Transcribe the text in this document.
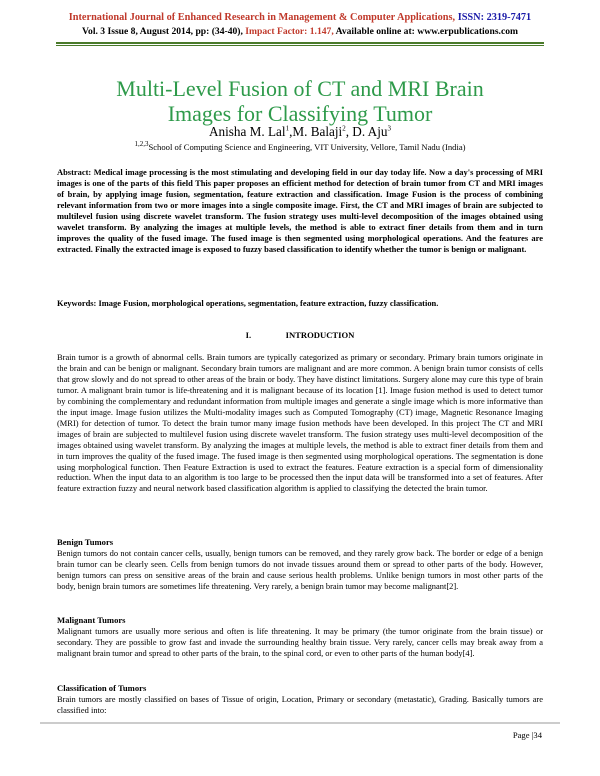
International Journal of Enhanced Research in Management & Computer Applications, ISSN: 2319-7471
Vol. 3 Issue 8, August 2014, pp: (34-40), Impact Factor: 1.147, Available online at: www.erpublications.com
Multi-Level Fusion of CT and MRI Brain
Images for Classifying Tumor
Anisha M. Lal$^1$,M. Balaji$^2$, D. Aju$^3$
$^{1,2,3}$School of Computing Science and Engineering, VIT University, Vellore, Tamil Nadu (India)
Abstract: Medical image processing is the most stimulating and developing field in our day today life. Now a day's processing of MRI images is one of the parts of this field This paper proposes an efficient method for detection of brain tumor from CT and MRI images of brain, by applying image fusion, segmentation, feature extraction and classification. Image Fusion is the process of combining relevant information from two or more images into a single composite image. First, the CT and MRI images of brain are subjected to multilevel fusion using discrete wavelet transform. The fusion strategy uses multi-level decomposition of the images obtained using wavelet transform. By analyzing the images at multiple levels, the method is able to extract finer details from them and in turn improves the quality of the fused image. The fused image is then segmented using morphological operations. And the features are extracted. Finally the extracted image is exposed to fuzzy based classification to identify whether the tumor is benign or malignant.
Keywords: Image Fusion, morphological operations, segmentation, feature extraction, fuzzy classification.
I.	INTRODUCTION
Brain tumor is a growth of abnormal cells. Brain tumors are typically categorized as primary or secondary. Primary brain tumors originate in the brain and can be benign or malignant. Secondary brain tumors are malignant and are more common. A benign brain tumor consists of cells that grow slowly and do not spread to other areas of the brain or body. They have distinct limitations. Surgery alone may cure this type of brain tumor. A malignant brain tumor is life-threatening and it is malignant because of its location [1]. Image fusion method is used to detect tumor by combining the complementary and redundant information from multiple images and generate a single image which is more informative than the input image. Image fusion utilizes the Multi-modality images such as Computed Tomography (CT) image, Magnetic Resonance Imaging (MRI) for detection of tumor. To detect the brain tumor many image fusion methods have been developed. In this project The CT and MRI images of brain are subjected to multilevel fusion using discrete wavelet transform. The fusion strategy uses multi-level decomposition of the images obtained using wavelet transform. By analyzing the images at multiple levels, the method is able to extract finer details from them and in turn improves the quality of the fused image. The fused image is then segmented using morphological operations. The segmentation is done using morphological function. Then Feature Extraction is used to extract the features. Feature extraction is a special form of dimensionality reduction. When the input data to an algorithm is too large to be processed then the input data will be transformed into a set of features. After feature extraction fuzzy and neural network based classification algorithm is applied to classifying the detected the brain tumor.
Benign Tumors
Benign tumors do not contain cancer cells, usually, benign tumors can be removed, and they rarely grow back. The border or edge of a benign brain tumor can be clearly seen. Cells from benign tumors do not invade tissues around them or spread to other parts of the body. However, benign tumors can press on sensitive areas of the brain and cause serious health problems. Unlike benign tumors in most other parts of the body, benign brain tumors are sometimes life threatening. Very rarely, a benign brain tumor may become malignant[2].
Malignant Tumors
Malignant tumors are usually more serious and often is life threatening. It may be primary (the tumor originate from the brain tissue) or secondary. They are possible to grow fast and invade the surrounding healthy brain tissue. Very rarely, cancer cells may break away from a malignant brain tumor and spread to other parts of the brain, to the spinal cord, or even to other parts of the human body[4].
Classification of Tumors
Brain tumors are mostly classified on bases of Tissue of origin, Location, Primary or secondary (metastatic), Grading. Basically tumors are classified into:
Page |34
